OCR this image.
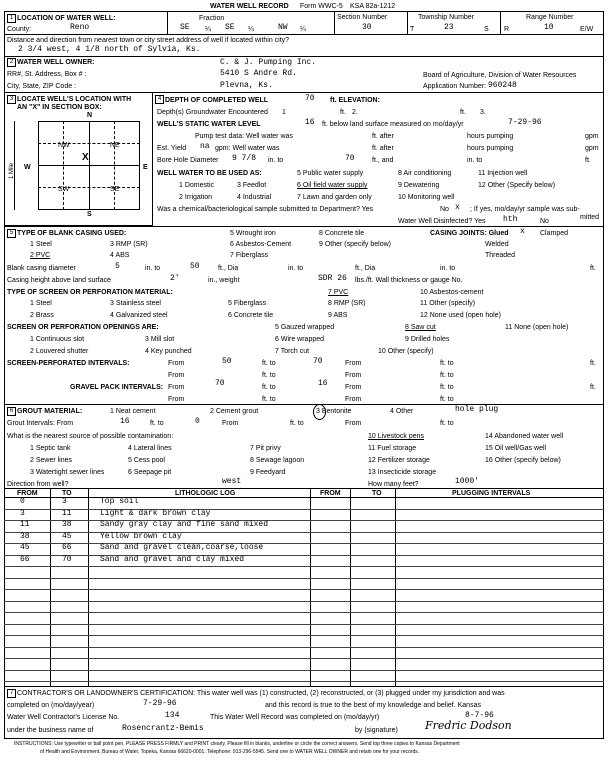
WATER WELL RECORD Form WWC-5 KSA 82a-1212
1 LOCATION OF WATER WELL:
County:	Reno
Fraction
SE ¼ SE ¼	NW ¼
Section Number
30
Township Number
T	23	S
Range Number
R	10	E/W
Distance and direction from nearest town or city street address of well if located within city?
2 3/4 west, 4 1/8 north of Sylvia, Ks.
2 WATER WELL OWNER:	C. & J. Pumping Inc.
RR#, St. Address, Box # :	5410 S Andre Rd.
City, State, ZIP Code :	Plevna, Ks.
Board of Agriculture, Division of Water Resources
Application Number: 960248
3 LOCATE WELL'S LOCATION WITH
AN "X" IN SECTION BOX:
N
S
W	E
NW	NE
SW	SE
X
1 Mile
4 DEPTH OF COMPLETED WELL	70 ft. ELEVATION:
Depth(s) Groundwater Encountered 1	ft. 2.	ft. 3.
WELL'S STATIC WATER LEVEL	16 ft. below land surface measured on mo/day/yr	7-29-96
Pump test data: Well water was	ft. after	hours pumping	gpm
Est. Yield na gpm: Well water was	ft. after	hours pumping	gpm
Bore Hole Diameter 9 7/8 in. to	70 ft., and	in. to	ft.
WELL WATER TO BE USED AS:	5 Public water supply	8 Air conditioning	11 Injection well
1 Domestic	3 Feedlot	6 Oil field water supply	9 Dewatering	12 Other (Specify below)
2 Irrigation	4 Industrial	7 Lawn and garden only	10 Monitoring well
Was a chemical/bacteriological sample submitted to Department? Yes	No x ; If yes, mo/day/yr sample was sub-
mitted
Water Well Disinfected? Yes hth	No
5 TYPE OF BLANK CASING USED:	5 Wrought iron	8 Concrete tile	CASING JOINTS: Glued x Clamped
1 Steel	3 RMP (SR)	6 Asbestos-Cement	9 Other (specify below)	Welded
2 PVC	4 ABS	7 Fiberglass	Threaded
Blank casing diameter	5	in. to	50	ft., Dia	in. to	ft., Dia	in. to	ft.
Casing height above land surface	2'	in., weight	SDR 26 lbs./ft. Wall thickness or gauge No.
TYPE OF SCREEN OR PERFORATION MATERIAL:	7 PVC	10 Asbestos-cement
1 Steel	3 Stainless steel	5 Fiberglass	8 RMP (SR)	11 Other (specify)
2 Brass	4 Galvanized steel	6 Concrete tile	9 ABS	12 None used (open hole)
SCREEN OR PERFORATION OPENINGS ARE:	5 Gauzed wrapped	8 Saw cut	11 None (open hole)
1 Continuous slot	3 Mill slot	6 Wire wrapped	9 Drilled holes
2 Louvered shutter	4 Key punched	7 Torch cut	10 Other (specify)
SCREEN-PERFORATED INTERVALS:	From	50	ft. to	70	From	ft. to	ft.
From	ft. to	From	ft. to
GRAVEL PACK INTERVALS: From	70	ft. to	16 From	ft. to	ft.
From	ft. to	From	ft. to
6 GROUT MATERIAL:	1 Neat cement	2 Cement grout	3 Bentonite	4 Other	hole plug
Grout Intervals: From	16	ft. to	0	From	ft. to	From	ft. to
What is the nearest source of possible contamination:	10 Livestock pens	14 Abandoned water well
1 Septic tank	4 Lateral lines	7 Pit privy	11 Fuel storage	15 Oil well/Gas well
2 Sewer lines	5 Cess pool	8 Sewage lagoon	12 Fertilizer storage	16 Other (specify below)
3 Watertight sewer lines	6 Seepage pit	9 Feedyard	13 Insecticide storage
Direction from well?	west	How many feet?	1000'
FROM	TO	LITHOLOGIC LOG	FROM	TO	PLUGGING INTERVALS
0	3	Top soil
3	11	Light & dark brown clay
11	38	Sandy gray clay and fine sand mixed
38	45	Yellow brown clay
45	66	Sand and gravel clean,coarse,loose
66	70	Sand and gravel and clay mixed
7 CONTRACTOR'S OR LANDOWNER'S CERTIFICATION: This water well was (1) constructed, (2) reconstructed, or (3) plugged under my jurisdiction and was
completed on (mo/day/year)	7-29-96	and this record is true to the best of my knowledge and belief. Kansas
Water Well Contractor's License No.	134	This Water Well Record was completed on (mo/day/yr)	8-7-96
under the business name of	Rosencrantz-Bemis	by (signature) Fredric Dodson
INSTRUCTIONS: Use typewriter or ball point pen. PLEASE PRESS FIRMLY and PRINT clearly. Please fill in blanks, underline or circle the correct answers. Send top three copies to Kansas Department
of Health and Environment, Bureau of Water, Topeka, Kansas 66620-0001. Telephone: 913-296-5545. Send one to WATER WELL OWNER and retain one for your records.
